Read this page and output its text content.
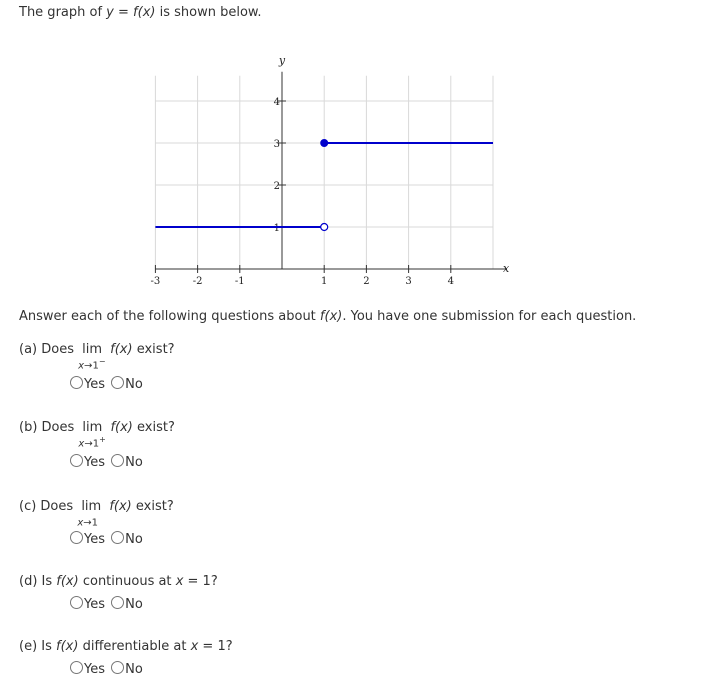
The graph of y = f(x) is shown below.
-3	-2	-1	1	2	3	4
1
2
3
4
x
y
Answer each of the following questions about f(x). You have one submission for each question.
(a) Does lim
x→1−
f(x) exist?
Yes No
(b) Does lim
x→1+
f(x) exist?
Yes No
(c) Does lim
x→1
f(x) exist?
Yes No
(d) Is f(x) continuous at x = 1?
Yes No
(e) Is f(x) differentiable at x = 1?
Yes No
